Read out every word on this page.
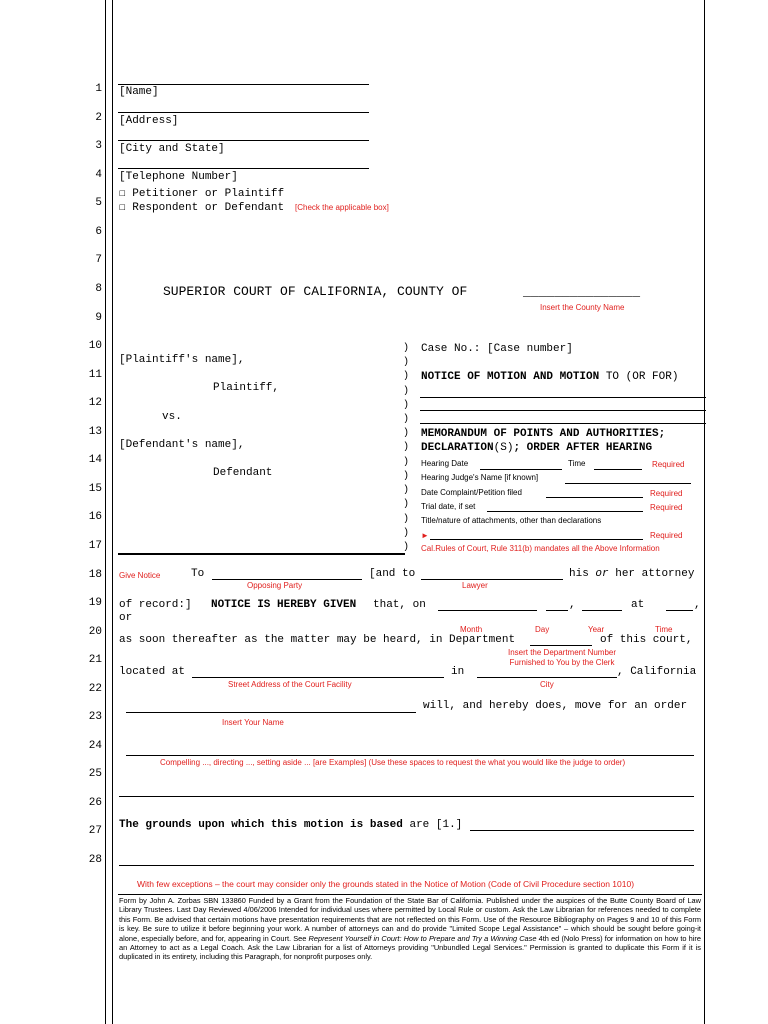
1
2
3
4
5
6
7
8
9
10
11
12
13
14
15
16
17
18
19
20
21
22
23
24
25
26
27
28
[Name]
[Address]
[City and State]
[Telephone Number]
☐ Petitioner or Plaintiff
☐ Respondent or Defendant [Check the applicable box]
SUPERIOR COURT OF CALIFORNIA, COUNTY OF	_______________
Insert the County Name
[Plaintiff's name],
Plaintiff,
vs.
[Defendant's name],
Defendant
)
)
)
)
)
)
)
)
)
)
)
)
)
)
)
Case No.: [Case number]
NOTICE OF MOTION AND MOTION TO (OR FOR)
MEMORANDUM OF POINTS AND AUTHORITIES;
DECLARATION(S); ORDER AFTER HEARING
Hearing Date	Time	Required
Hearing Judge's Name [if known]
Date Complaint/Petition filed	Required
Trial date, if set	Required
Title/nature of attachments, other than declarations
►	Required
Cal.Rules of Court, Rule 311(b) mandates all the Above Information
Give Notice	To
Opposing Party
[and to
Lawyer
his or her attorney
of record:] NOTICE IS HEREBY GIVEN that, on	,	at	,
or
Month	Day	Year	Time
as soon thereafter as the matter may be heard, in Department	of this court,
Insert the Department Number
Furnished to You by the Clerk
located at
Street Address of the Court Facility
in
City
, California
will, and hereby does, move for an order
Insert Your Name
Compelling ..., directing ..., setting aside ... [are Examples] (Use these spaces to request the what you would like the judge to order)
The grounds upon which this motion is based are [1.]
With few exceptions – the court may consider only the grounds stated in the Notice of Motion (Code of Civil Procedure section 1010)
Form by John A. Zorbas SBN 133860 Funded by a Grant from the Foundation of the State Bar of California. Published under the auspices of the Butte County Board of Law Library Trustees. Last Day Reviewed 4/06/2006 Intended for individual uses where permitted by Local Rule or custom. Ask the Law Librarian for references needed to complete this Form. Be advised that certain motions have presentation requirements that are not reflected on this Form. Use of the Resource Bibliography on Pages 9 and 10 of this Form is key. Be sure to utilize it before beginning your work. A number of attorneys can and do provide "Limited Scope Legal Assistance" – which should be sought before going-it alone, especially before, and for, appearing in Court. See Represent Yourself in Court: How to Prepare and Try a Winning Case 4th ed (Nolo Press) for information on how to hire an Attorney to act as a Legal Coach. Ask the Law Librarian for a list of Attorneys providing "Unbundled Legal Services." Permission is granted to duplicate this Form if it is duplicated in its entirety, including this Paragraph, for nonprofit purposes only.
